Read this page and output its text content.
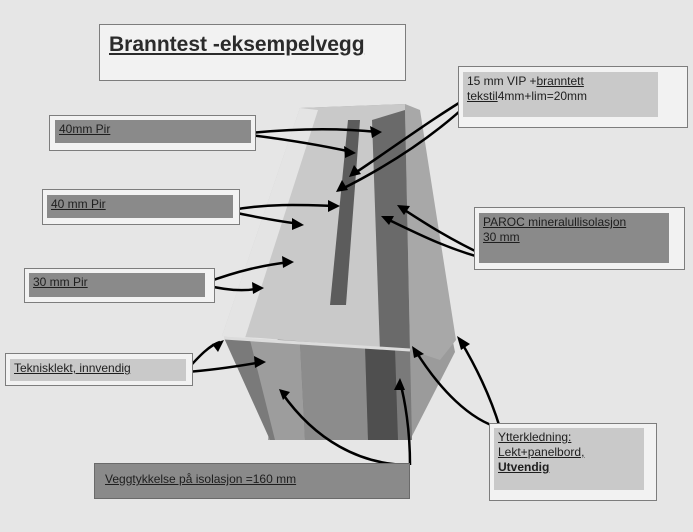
Branntest -eksempelvegg
15 mm VIP +branntett
tekstil4mm+lim=20mm
40mm Pir
40 mm Pir
30 mm Pir
PAROC mineralullisolasjon
30 mm
Teknisklekt, innvendig
Ytterkledning:
Lekt+panelbord,
Utvendig
Veggtykkelse på isolasjon =160 mm
